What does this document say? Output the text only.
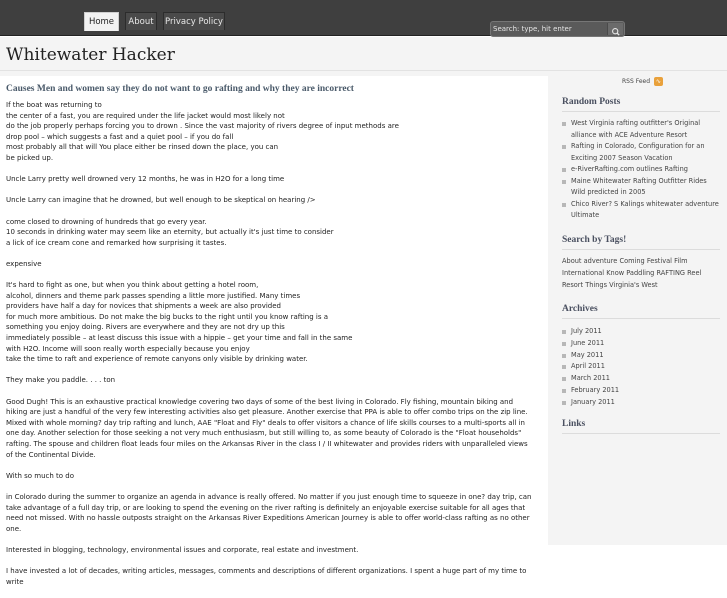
Home	About	Privacy Policy
Search: type, hit enter
Whitewater Hacker
Causes Men and women say they do not want to go rafting and why they are incorrect

If the boat was returning to
the center of a fast, you are required under the life jacket would most likely not
do the job properly perhaps forcing you to drown . Since the vast majority of rivers degree of input methods are
drop pool – which suggests a fast and a quiet pool – if you do fall
most probably all that will You place either be rinsed down the place, you can
be picked up.

Uncle Larry pretty well drowned very 12 months, he was in H2O for a long time

Uncle Larry can imagine that he drowned, but well enough to be skeptical on hearing />

come closed to drowning of hundreds that go every year.
10 seconds in drinking water may seem like an eternity, but actually it's just time to consider
a lick of ice cream cone and remarked how surprising it tastes.

expensive

It's hard to fight as one, but when you think about getting a hotel room,
alcohol, dinners and theme park passes spending a little more justified. Many times
providers have half a day for novices that shipments a week are also provided
for much more ambitious. Do not make the big bucks to the right until you know rafting is a
something you enjoy doing. Rivers are everywhere and they are not dry up this
immediately possible – at least discuss this issue with a hippie – get your time and fall in the same
with H2O. Income will soon really worth especially because you enjoy
take the time to raft and experience of remote canyons only visible by drinking water.

They make you paddle. . . . ton

Good Dugh! This is an exhaustive practical knowledge covering two days of some of the best living in Colorado. Fly fishing, mountain biking and hiking are just a handful of the very few interesting activities also get pleasure. Another exercise that PPA is able to offer combo trips on the zip line. Mixed with whole morning? day trip rafting and lunch, AAE "Float and Fly" deals to offer visitors a chance of life skills courses to a multi-sports all in one day. Another selection for those seeking a not very much enthusiasm, but still willing to, as some beauty of Colorado is the "Float households" rafting. The spouse and children float leads four miles on the Arkansas River in the class I / II whitewater and provides riders with unparalleled views of the Continental Divide.

With so much to do

in Colorado during the summer to organize an agenda in advance is really offered. No matter if you just enough time to squeeze in one? day trip, can take advantage of a full day trip, or are looking to spend the evening on the river rafting is definitely an enjoyable exercise suitable for all ages that need not missed. With no hassle outposts straight on the Arkansas River Expeditions American Journey is able to offer world-class rafting as no other one.

Interested in blogging, technology, environmental issues and corporate, real estate and investment.

I have invested a lot of decades, writing articles, messages, comments and descriptions of different organizations. I spent a huge part of my time to write

RSS Feed ∿
Random Posts
West Virginia rafting outfitter's Original alliance with ACE Adventure Resort
Rafting in Colorado, Configuration for an Exciting 2007 Season Vacation
e-RiverRafting.com outlines Rafting
Maine Whitewater Rafting Outfitter Rides Wild predicted in 2005
Chico River? S Kalings whitewater adventure Ultimate
Search by Tags!
About adventure Coming Festival Film International Know Paddling RAFTING Reel Resort Things Virginia's West
Archives
July 2011
June 2011
May 2011
April 2011
March 2011
February 2011
January 2011
Links
